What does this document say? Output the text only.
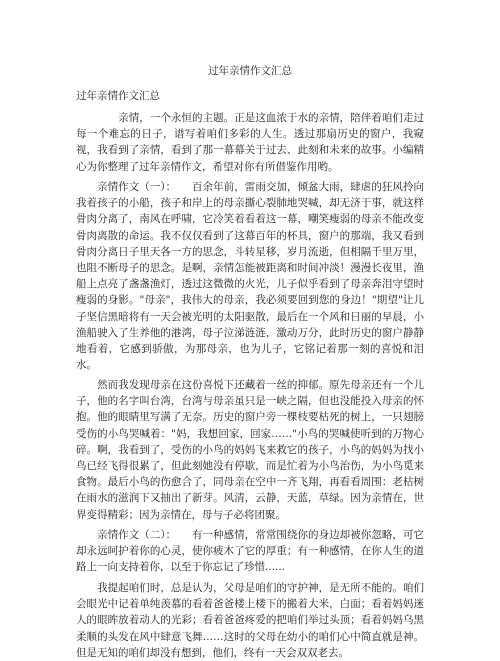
过年亲情作文汇总
过年亲情作文汇总

　　　　亲情，一个永恒的主题。正是这血浓于水的亲情，陪伴着咱们走过每一个难忘的日子，谱写着咱们多彩的人生。透过那扇历史的窗户，我窥视，我看到了亲情，看到了那一幕幕关于过去、此刻和未来的故事。小编精心为你整理了过年亲情作文，希望对你有所借鉴作用哟。

　　亲情作文（一）：　　百余年前，雷雨交加，倾盆大雨，肆虐的狂风拎向我着孩子的小船，孩子和岸上的母亲撕心裂肺地哭喊，却无济于事，就这样骨肉分离了，南风在呼啸，它冷笑着看着这一幕，嘲笑瘦弱的母亲不能改变骨肉离散的命运。我不仅仅看到了这幕百年的杯具，窗户的那端，我又看到骨肉分离日子里天各一方的思念，斗转星移，岁月流逝，但相隔千里万里，也阻不断母子的思念。是啊，亲情怎能被距离和时间冲淡！漫漫长夜里，渔船上点亮了盏盏渔灯，透过这微微的火光，儿子似乎看到了母亲奔泪守望时瘦弱的身影。"母亲"，我伟大的母亲，我必须要回到您的身边！"期望"让儿子坚信黑暗将有一天会被光明的太阳驱散，最后在一个风和日丽的早晨，小渔船驶入了生养他的港湾，母子泣涕涟涟，激动万分，此时历史的窗户静静地看着，它感到骄傲，为那母亲，也为儿子，它铭记着那一刻的喜悦和泪水。

　　然而我发现母亲在这份喜悦下还藏着一丝的抑郁。原先母亲还有一个儿子，他的名字叫台湾，台湾与母亲虽只是一峡之隔，但也没能投入母亲的怀抱。他的眼睛里写满了无奈。历史的窗户旁一棵枝要枯死的树上，一只翅膀受伤的小鸟哭喊着："妈，我想回家，回家……"小鸟的哭喊使听到的万物心碎。啊，我看到了，受伤的小鸟的妈妈飞来救它的孩子，小鸟的妈妈为找小鸟已经飞得很累了，但此刻她没有停歇，而是忙着为小鸟治伤，为小鸟觅来食物。最后小鸟的伤愈合了，同母亲在空中一齐飞翔，再看看周围：老枯树在雨水的滋润下又抽出了新芽。风清，云静，天蓝，草绿。因为亲情在，世界变得精彩；因为亲情在，母与子必将团聚。

　　亲情作文（二）：　　有一种感情，常常围绕你的身边却被你忽略，可它却永远呵护着你的心灵，使你疲木了它的厚重；有一种感情，在你人生的道路上一向支持着你，以至于你忘记了珍惜......

　　我提起咱们时，总是认为，父母是咱们的守护神，是无所不能的。咱们会眼光中记着单纯羡慕的看着爸爸楼上楼下的搬着大米，白面；看着妈妈迷人的眼眸放着动人的光彩；看着爸爸疼爱的把咱们举过头顶；看着妈妈乌黑柔顺的头发在风中肆意飞舞……这时的父母在幼小的咱们心中简直就是神。但是无知的咱们却没有想到，他们，终有一天会双双老去。
